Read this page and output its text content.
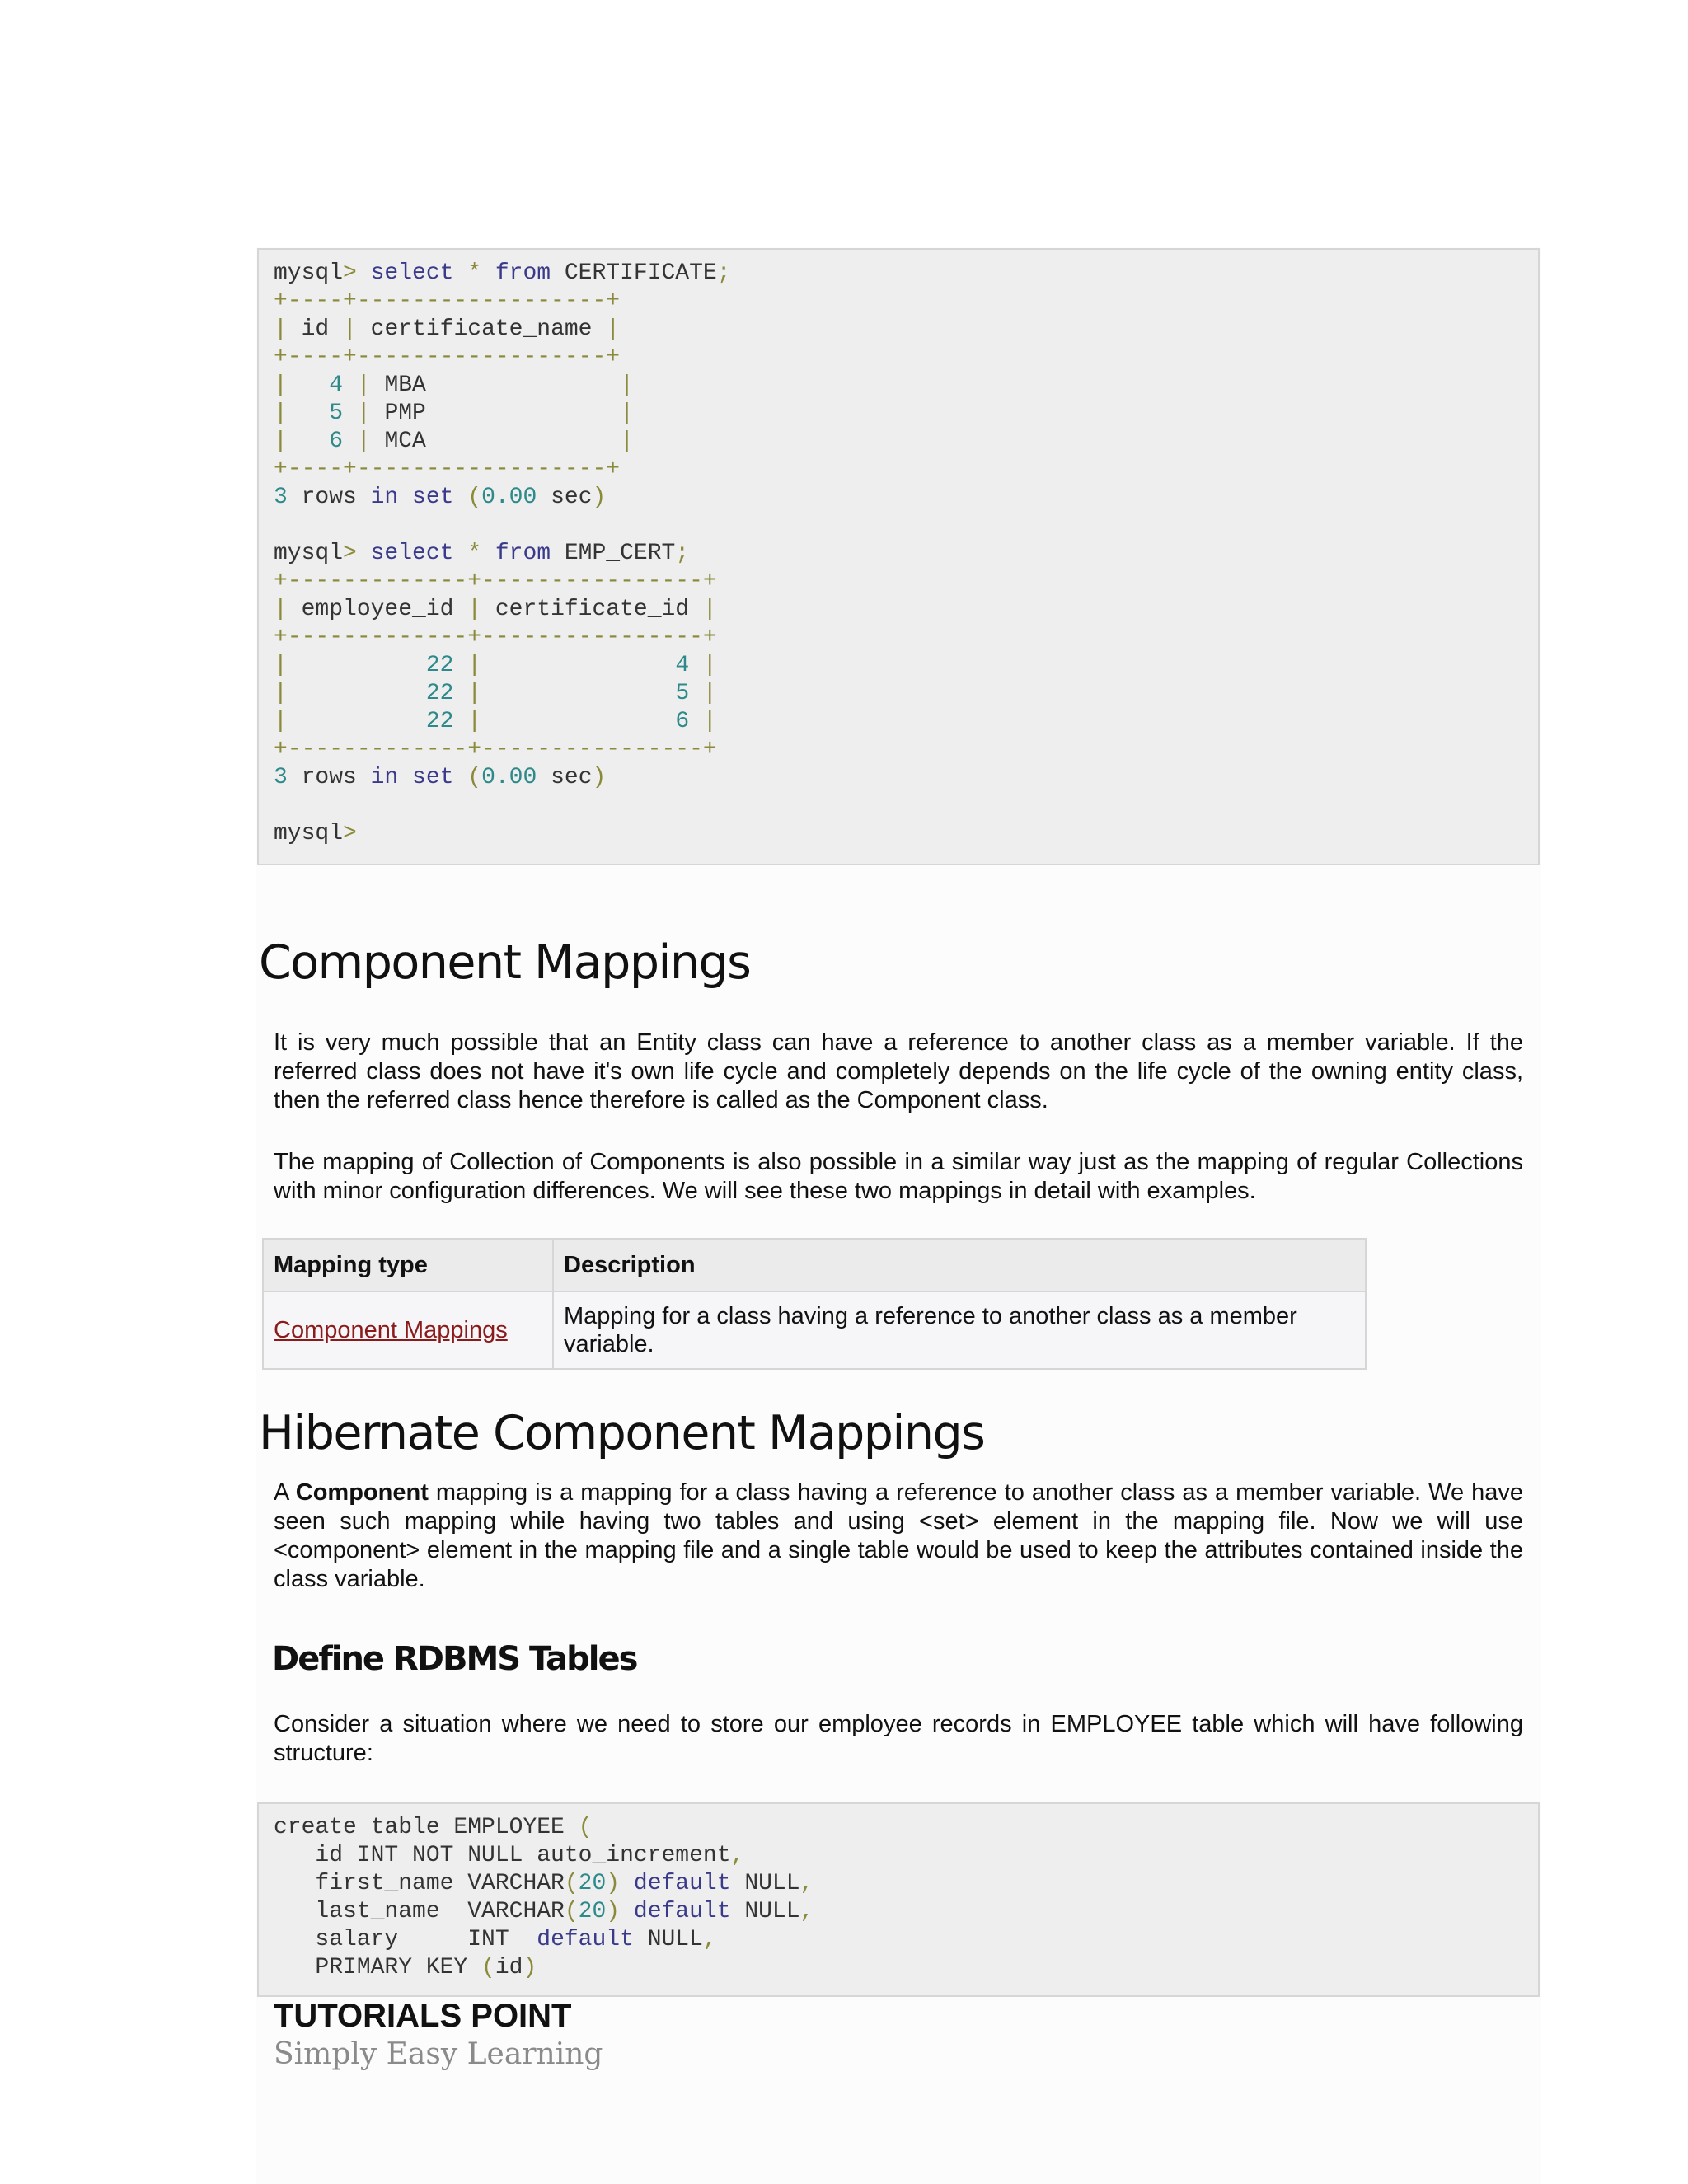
mysql> select * from CERTIFICATE;
+----+------------------+
| id | certificate_name |
+----+------------------+
|   4 | MBA              |
|   5 | PMP              |
|   6 | MCA              |
+----+------------------+
3 rows in set (0.00 sec)
mysql> select * from EMP_CERT;
+-------------+----------------+
| employee_id | certificate_id |
+-------------+----------------+
|          22 |              4 |
|          22 |              5 |
|          22 |              6 |
+-------------+----------------+
3 rows in set (0.00 sec)
mysql>
Component Mappings

It is very much possible that an Entity class can have a reference to another class as a member variable. If the referred class does not have it's own life cycle and completely depends on the life cycle of the owning entity class, then the referred class hence therefore is called as the Component class.

The mapping of Collection of Components is also possible in a similar way just as the mapping of regular Collections with minor configuration differences. We will see these two mappings in detail with examples.

Mapping type	Description
Component Mappings	Mapping for a class having a reference to another class as a member variable.
Hibernate Component Mappings

A Component mapping is a mapping for a class having a reference to another class as a member variable. We have seen such mapping while having two tables and using <set> element in the mapping file. Now we will use <component> element in the mapping file and a single table would be used to keep the attributes contained inside the class variable.

Define RDBMS Tables

Consider a situation where we need to store our employee records in EMPLOYEE table which will have following structure:

create table EMPLOYEE (
id INT NOT NULL auto_increment,
first_name VARCHAR(20) default NULL,
last_name  VARCHAR(20) default NULL,
salary     INT  default NULL,
PRIMARY KEY (id)

TUTORIALS POINT

Simply Easy Learning
